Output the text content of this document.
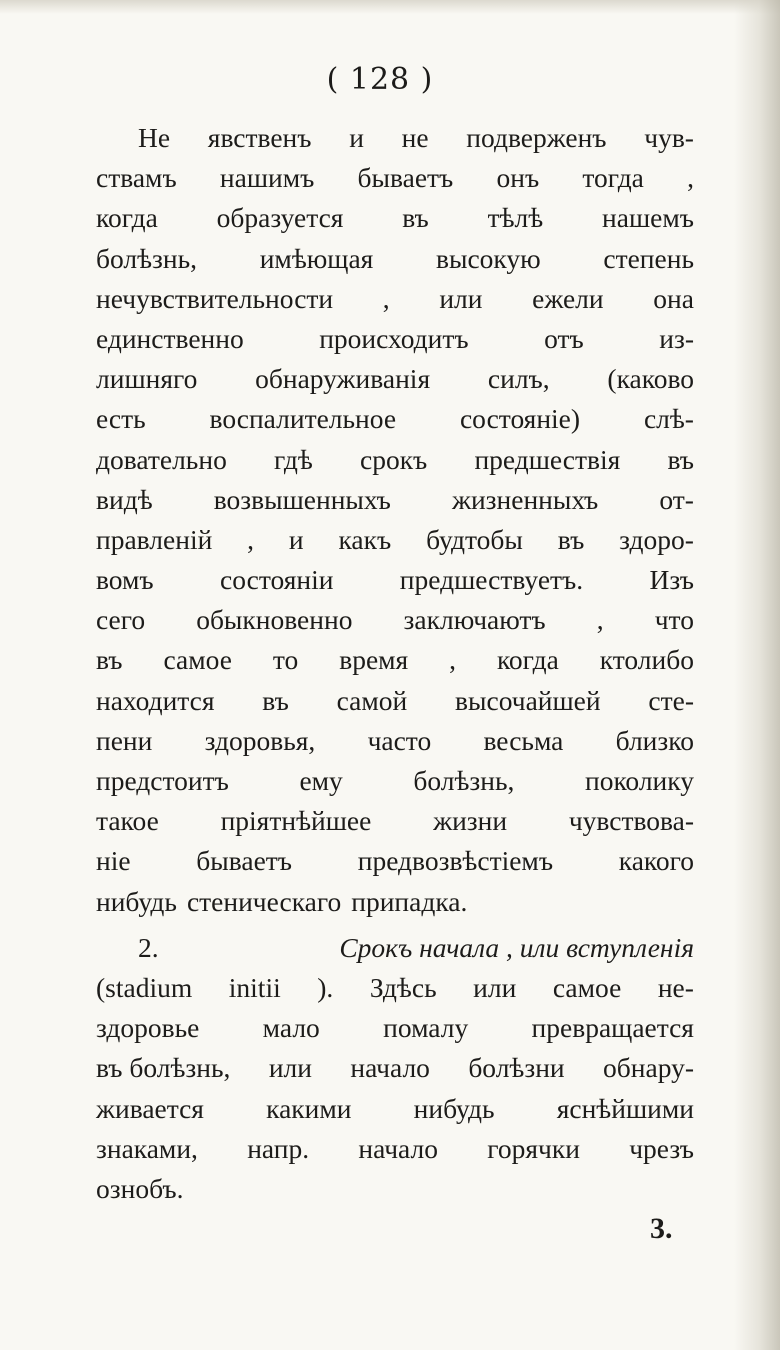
( 128 )
Не явственъ и не подверженъ чув-
ствамъ нашимъ бываетъ онъ тогда ,
когда образуется въ тѣлѣ нашемъ
болѣзнь, имѣющая высокую степень
нечувствительности , или ежели она
единственно	происходитъ	отъ	из-
лишняго обнаруживанія силъ, (каково
есть воспалительное состояніе) слѣ-
довательно гдѣ срокъ предшествія въ
видѣ возвышенныхъ жизненныхъ от-
правленій , и какъ будтобы въ здоро-
вомъ состояніи предшествуетъ. Изъ
сего обыкновенно заключаютъ , что
въ самое то время , когда ктолибо
находится въ самой высочайшей сте-
пени здоровья, часто весьма близко
предстоитъ	ему	болѣзнь,	поколику
такое пріятнѣйшее жизни чувствова-
ніе бываетъ предвозвѣстіемъ какого
нибудь стеническаго припадка.
2.	Срокъ начала , или вступленія
(stadium initii ). Здѣсь или самое не-
здоровье мало помалу превращается
въ болѣзнь, или начало болѣзни обнару-
живается какими нибудь яснѣйшими
знаками, напр. начало горячки чрезъ
ознобъ.
3.
